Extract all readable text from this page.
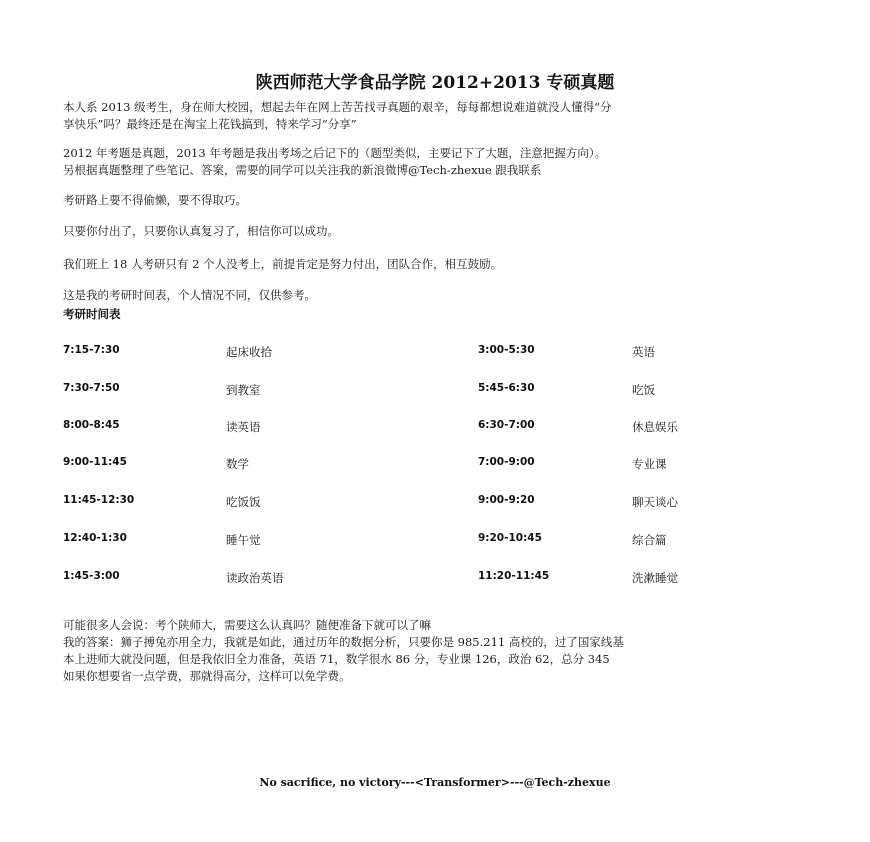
陕西师范大学食品学院 2012+2013 专硕真题
本人系 2013 级考生，身在师大校园，想起去年在网上苦苦找寻真题的艰辛，每每都想说难道就没人懂得“分
享快乐”吗？最终还是在淘宝上花钱搞到，特来学习“分享”
2012 年考题是真题，2013 年考题是我出考场之后记下的（题型类似，主要记下了大题，注意把握方向）。
另根据真题整理了些笔记、答案，需要的同学可以关注我的新浪微博@Tech-zhexue 跟我联系
考研路上要不得偷懒，要不得取巧。
只要你付出了，只要你认真复习了，相信你可以成功。
我们班上 18 人考研只有 2 个人没考上，前提肯定是努力付出，团队合作，相互鼓励。
这是我的考研时间表，个人情况不同，仅供参考。
考研时间表
7:15-7:30	起床收拾	3:00-5:30	英语
7:30-7:50	到教室	5:45-6:30	吃饭
8:00-8:45	读英语	6:30-7:00	休息娱乐
9:00-11:45	数学	7:00-9:00	专业课
11:45-12:30	吃饭饭	9:00-9:20	聊天谈心
12:40-1:30	睡午觉	9:20-10:45	综合篇
1:45-3:00	读政治英语	11:20-11:45	洗漱睡觉
可能很多人会说：考个陕师大，需要这么认真吗？随便准备下就可以了嘛
我的答案：狮子搏兔亦用全力，我就是如此，通过历年的数据分析，只要你是 985.211 高校的，过了国家线基
本上进师大就没问题，但是我依旧全力准备，英语 71，数学很水 86 分，专业课 126，政治 62，总分 345
如果你想要省一点学费，那就得高分，这样可以免学费。
No sacrifice, no victory---<Transformer>---@Tech-zhexue
